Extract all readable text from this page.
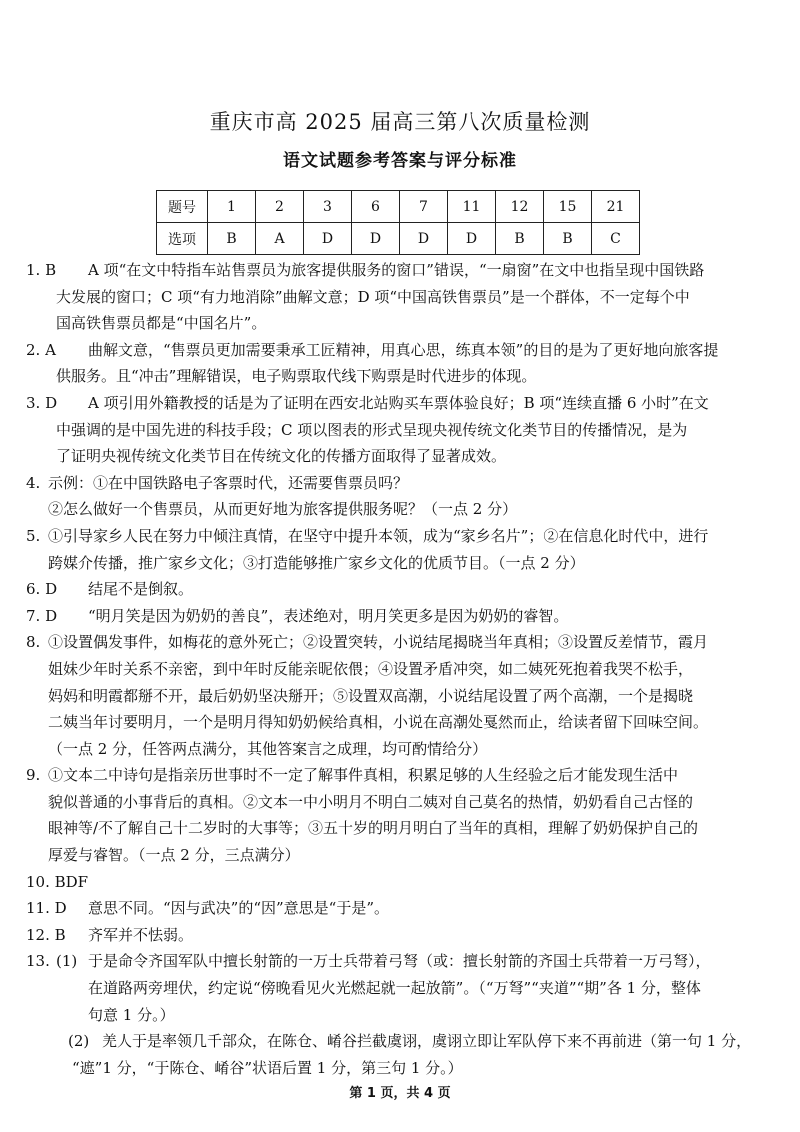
重庆市高 2025 届高三第八次质量检测
语文试题参考答案与评分标准
题号	1	2	3	6	7	11	12	15	21
选项	B	A	D	D	D	D	B	B	C
1. B	A 项“在文中特指车站售票员为旅客提供服务的窗口”错误，“一扇窗”在文中也指呈现中国铁路
大发展的窗口；C 项“有力地消除”曲解文意；D 项“中国高铁售票员”是一个群体，不一定每个中
国高铁售票员都是“中国名片”。
2. A	曲解文意，“售票员更加需要秉承工匠精神，用真心思，练真本领”的目的是为了更好地向旅客提
供服务。且“冲击”理解错误，电子购票取代线下购票是时代进步的体现。
3. D	A 项引用外籍教授的话是为了证明在西安北站购买车票体验良好；B 项“连续直播 6 小时”在文
中强调的是中国先进的科技手段；C 项以图表的形式呈现央视传统文化类节目的传播情况，是为
了证明央视传统文化类节目在传统文化的传播方面取得了显著成效。
4. 示例：①在中国铁路电子客票时代，还需要售票员吗？
②怎么做好一个售票员，从而更好地为旅客提供服务呢？（一点 2 分）
5. ①引导家乡人民在努力中倾注真情，在坚守中提升本领，成为“家乡名片”；②在信息化时代中，进行
跨媒介传播，推广家乡文化；③打造能够推广家乡文化的优质节目。（一点 2 分）
6. D	结尾不是倒叙。
7. D	“明月笑是因为奶奶的善良”，表述绝对，明月笑更多是因为奶奶的睿智。
8. ①设置偶发事件，如梅花的意外死亡；②设置突转，小说结尾揭晓当年真相；③设置反差情节，霞月
姐妹少年时关系不亲密，到中年时反能亲昵依偎；④设置矛盾冲突，如二姨死死抱着我哭不松手，
妈妈和明霞都掰不开，最后奶奶坚决掰开；⑤设置双高潮，小说结尾设置了两个高潮，一个是揭晓
二姨当年讨要明月，一个是明月得知奶奶候给真相，小说在高潮处戛然而止，给读者留下回味空间。
（一点 2 分，任答两点满分，其他答案言之成理，均可酌情给分）
9. ①文本二中诗句是指亲历世事时不一定了解事件真相，积累足够的人生经验之后才能发现生活中
貌似普通的小事背后的真相。②文本一中小明月不明白二姨对自己莫名的热情，奶奶看自己古怪的
眼神等/不了解自己十二岁时的大事等；③五十岁的明月明白了当年的真相，理解了奶奶保护自己的
厚爱与睿智。（一点 2 分，三点满分）
10. BDF

11. D	意思不同。“因与武决”的“因”意思是“于是”。
12. B	齐军并不怯弱。
13. (1) 于是命令齐国军队中擅长射箭的一万士兵带着弓弩（或：擅长射箭的齐国士兵带着一万弓弩），
在道路两旁埋伏，约定说“傍晚看见火光燃起就一起放箭”。（“万弩”“夹道”“期”各 1 分，整体
句意 1 分。）
(2) 羌人于是率领几千部众，在陈仓、崤谷拦截虞诩，虞诩立即让军队停下来不再前进（第一句 1 分，
“遮”1 分，“于陈仓、崤谷”状语后置 1 分，第三句 1 分。）
第 1 页，共 4 页
